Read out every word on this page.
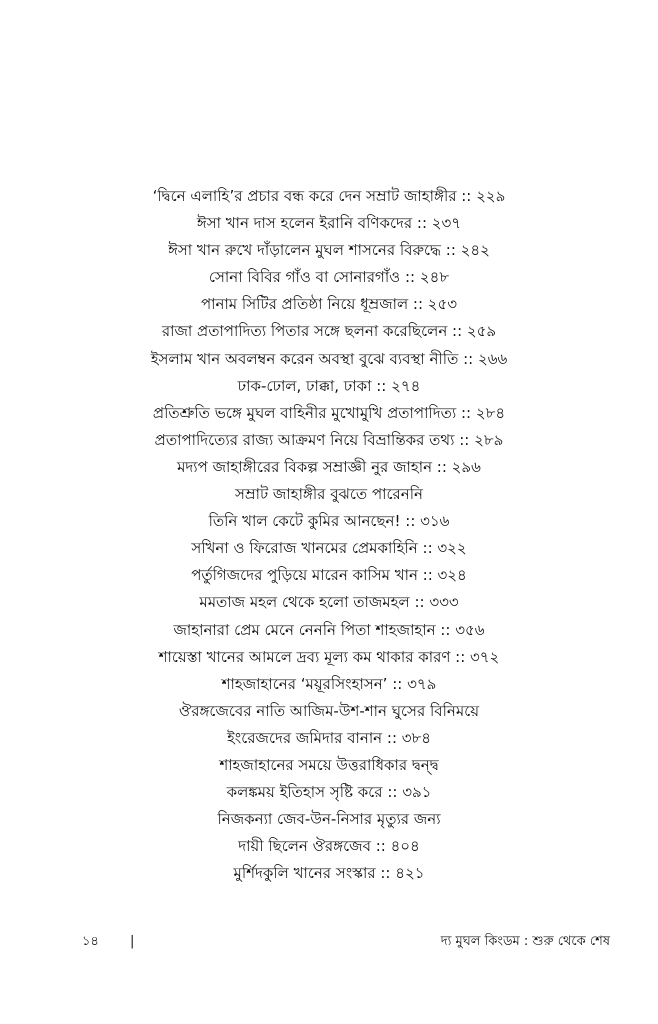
‘দ্বিনে এলাহি’র প্রচার বন্ধ করে দেন সম্রাট জাহাঙ্গীর :: ২২৯
ঈসা খান দাস হলেন ইরানি বণিকদের :: ২৩৭
ঈসা খান রুখে দাঁড়ালেন মুঘল শাসনের বিরুদ্ধে :: ২৪২
সোনা বিবির গাঁও বা সোনারগাঁও :: ২৪৮
পানাম সিটির প্রতিষ্ঠা নিয়ে ধূম্রজাল :: ২৫৩
রাজা প্রতাপাদিত্য পিতার সঙ্গে ছলনা করেছিলেন :: ২৫৯
ইসলাম খান অবলম্বন করেন অবস্থা বুঝে ব্যবস্থা নীতি :: ২৬৬
ঢাক-ঢোল, ঢাক্কা, ঢাকা :: ২৭৪
প্রতিশ্রুতি ভঙ্গে মুঘল বাহিনীর মুখোমুখি প্রতাপাদিত্য :: ২৮৪
প্রতাপাদিত্যের রাজ্য আক্রমণ নিয়ে বিভ্রান্তিকর তথ্য :: ২৮৯
মদ্যপ জাহাঙ্গীরের বিকল্প সম্রাজ্ঞী নুর জাহান :: ২৯৬
সম্রাট জাহাঙ্গীর বুঝতে পারেননি
তিনি খাল কেটে কুমির আনছেন! :: ৩১৬
সখিনা ও ফিরোজ খানমের প্রেমকাহিনি :: ৩২২
পর্তুগিজদের পুড়িয়ে মারেন কাসিম খান :: ৩২৪
মমতাজ মহল থেকে হলো তাজমহল :: ৩৩৩
জাহানারা প্রেম মেনে নেননি পিতা শাহজাহান :: ৩৫৬
শায়েস্তা খানের আমলে দ্রব্য মূল্য কম থাকার কারণ :: ৩৭২
শাহজাহানের ‘ময়ূরসিংহাসন’ :: ৩৭৯
ঔরঙ্গজেবের নাতি আজিম-উশ-শান ঘুসের বিনিময়ে
ইংরেজদের জমিদার বানান :: ৩৮৪
শাহজাহানের সময়ে উত্তরাধিকার দ্বন্দ্ব
কলঙ্কময় ইতিহাস সৃষ্টি করে :: ৩৯১
নিজকন্যা জেব-উন-নিসার মৃত্যুর জন্য
দায়ী ছিলেন ঔরঙ্গজেব :: ৪০৪
মুর্শিদকুলি খানের সংস্কার :: ৪২১
১৪ |	দ্য মুঘল কিংডম : শুরু থেকে শেষ
